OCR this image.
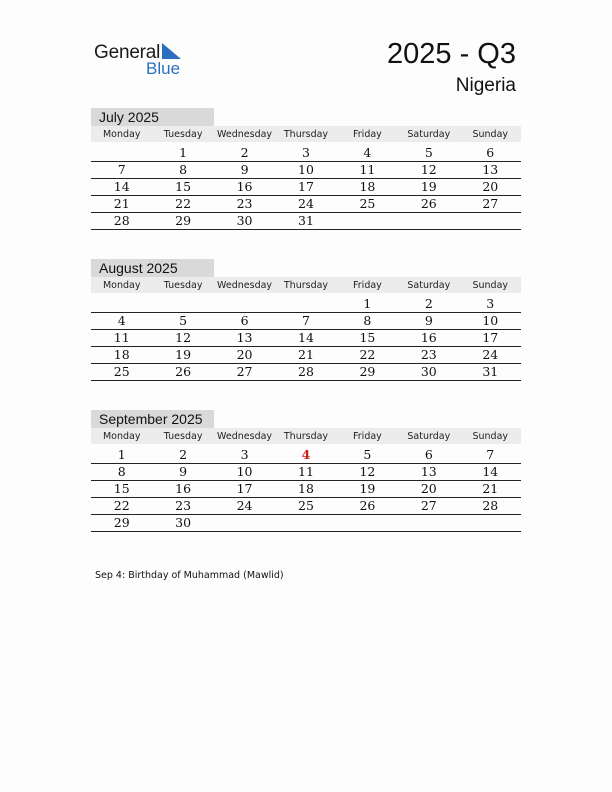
General
Blue	2025 - Q3
Nigeria
July 2025
Monday	Tuesday	Wednesday	Thursday	Friday	Saturday	Sunday

	1	2	3	4	5	6
7	8	9	10	11	12	13
14	15	16	17	18	19	20
21	22	23	24	25	26	27
28	29	30	31			
August 2025
Monday	Tuesday	Wednesday	Thursday	Friday	Saturday	Sunday

				1	2	3
4	5	6	7	8	9	10
11	12	13	14	15	16	17
18	19	20	21	22	23	24
25	26	27	28	29	30	31
September 2025
Monday	Tuesday	Wednesday	Thursday	Friday	Saturday	Sunday

1	2	3	4	5	6	7
8	9	10	11	12	13	14
15	16	17	18	19	20	21
22	23	24	25	26	27	28
29	30					
Sep 4: Birthday of Muhammad (Mawlid)
